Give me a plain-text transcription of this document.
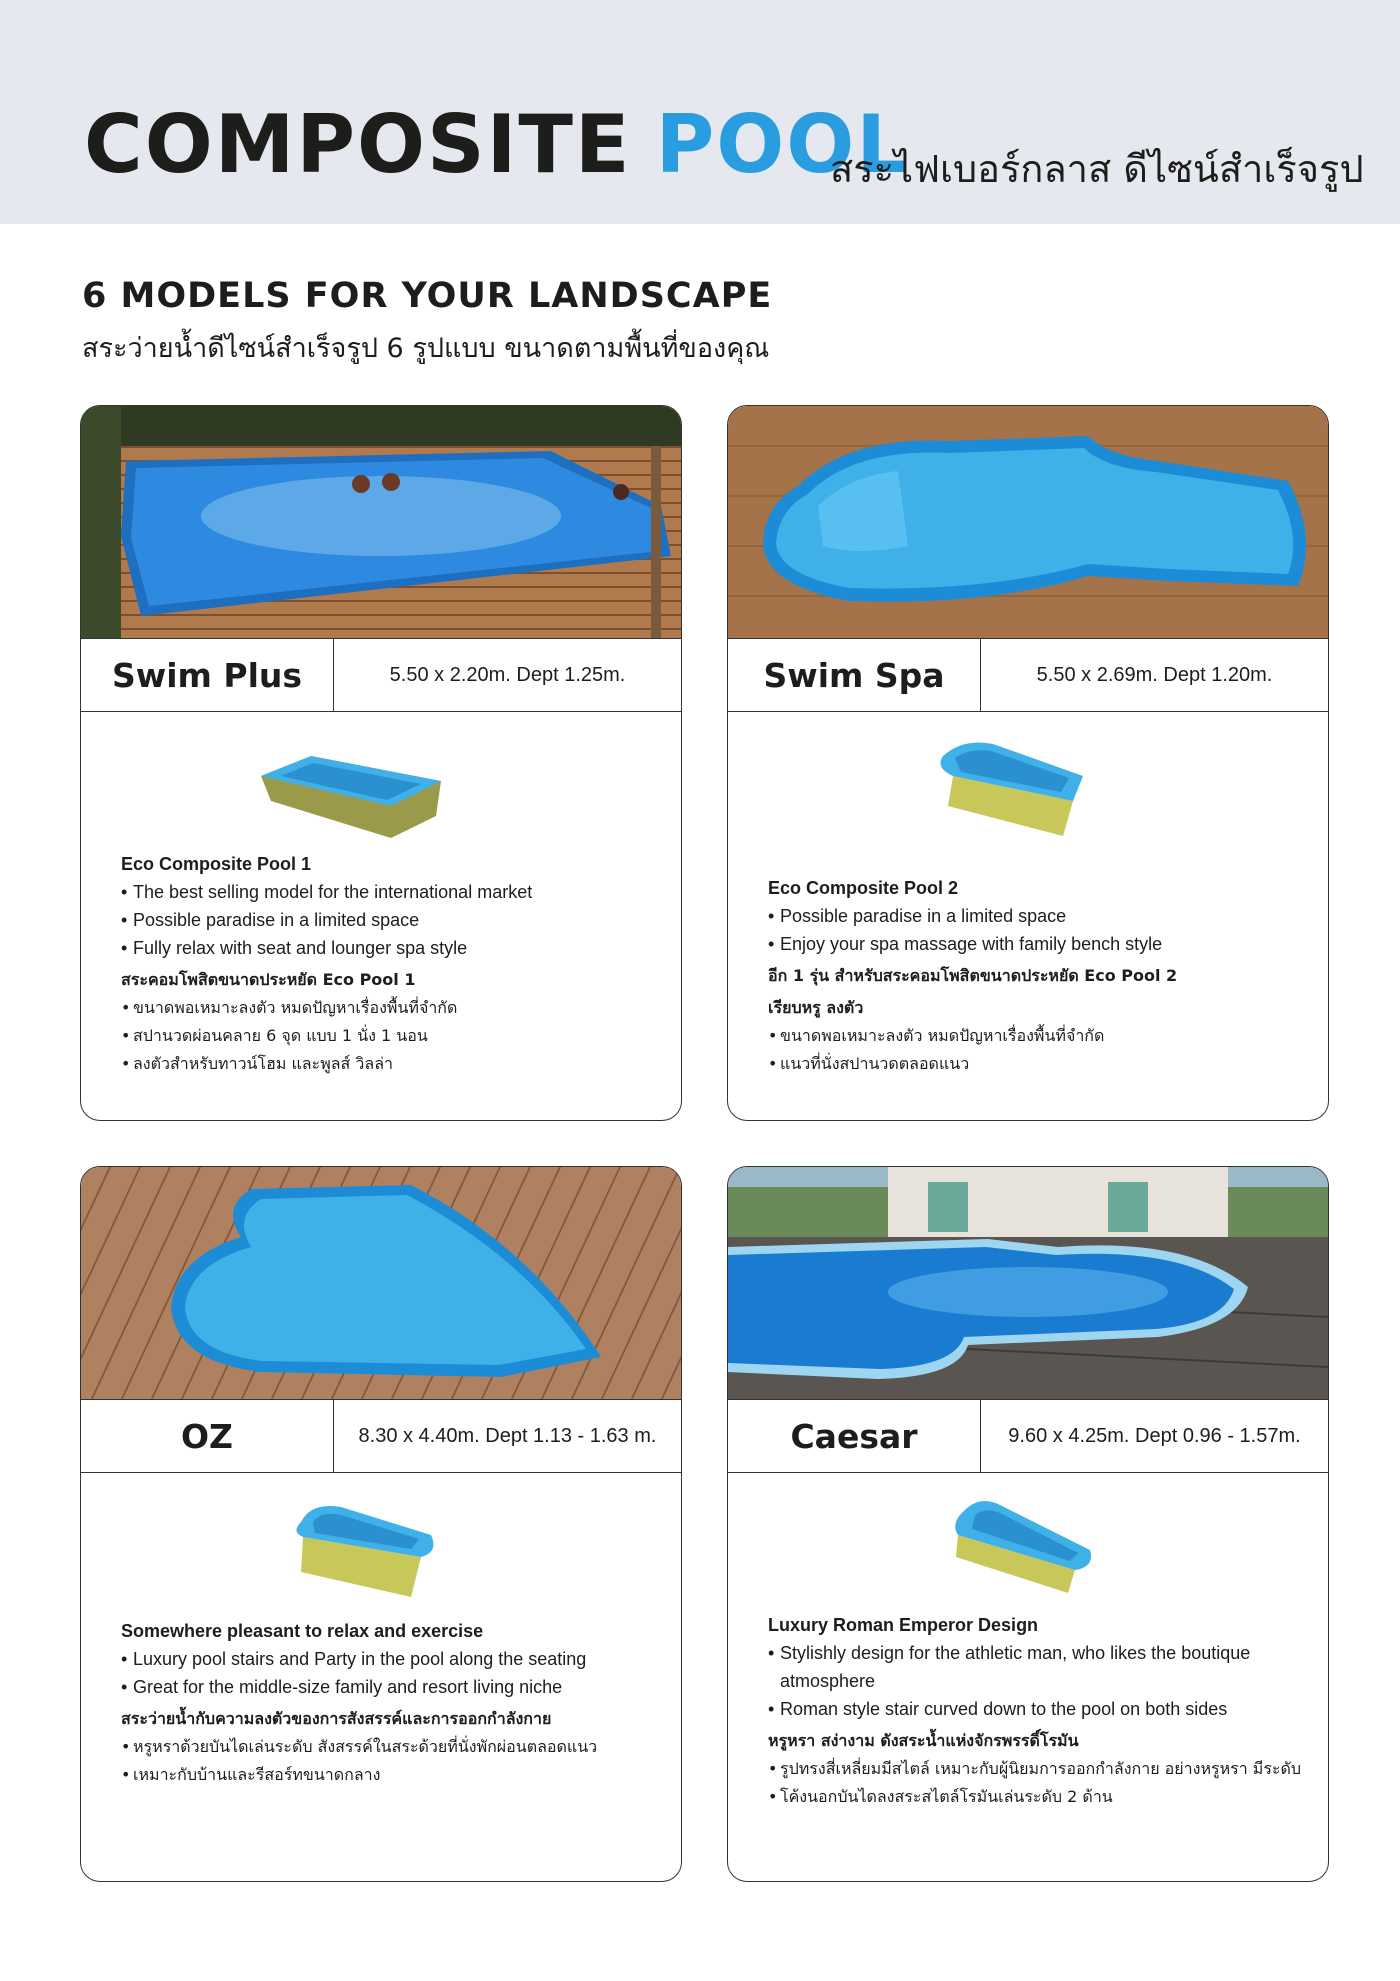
COMPOSITE POOL
สระไฟเบอร์กลาส ดีไซน์สำเร็จรูป
6 MODELS FOR YOUR LANDSCAPE
สระว่ายน้ำดีไซน์สำเร็จรูป 6 รูปแบบ ขนาดตามพื้นที่ของคุณ
Swim Plus	5.50 x 2.20m. Dept 1.25m.
Eco Composite Pool 1
• The best selling model for the international market
• Possible paradise in a limited space
• Fully relax with seat and lounger spa style
สระคอมโพสิตขนาดประหยัด Eco Pool 1
• ขนาดพอเหมาะลงตัว หมดปัญหาเรื่องพื้นที่จำกัด
• สปานวดผ่อนคลาย 6 จุด แบบ 1 นั่ง 1 นอน
• ลงตัวสำหรับทาวน์โฮม และพูลส์ วิลล่า
Swim Spa	5.50 x 2.69m. Dept 1.20m.
Eco Composite Pool 2
• Possible paradise in a limited space
• Enjoy your spa massage with family bench style
อีก 1 รุ่น สำหรับสระคอมโพสิตขนาดประหยัด Eco Pool 2
เรียบหรู ลงตัว
• ขนาดพอเหมาะลงตัว หมดปัญหาเรื่องพื้นที่จำกัด
• แนวที่นั่งสปานวดตลอดแนว
OZ	8.30 x 4.40m. Dept 1.13 - 1.63 m.
Somewhere pleasant to relax and exercise
• Luxury pool stairs and Party in the pool along the seating
• Great for the middle-size family and resort living niche
สระว่ายน้ำกับความลงตัวของการสังสรรค์และการออกกำลังกาย
• หรูหราด้วยบันไดเล่นระดับ สังสรรค์ในสระด้วยที่นั่งพักผ่อนตลอดแนว
• เหมาะกับบ้านและรีสอร์ทขนาดกลาง
Caesar	9.60 x 4.25m. Dept 0.96 - 1.57m.
Luxury Roman Emperor Design
• Stylishly design for the athletic man, who likes the boutique atmosphere
• Roman style stair curved down to the pool on both sides
หรูหรา สง่างาม ดังสระน้ำแห่งจักรพรรดิ์โรมัน
• รูปทรงสี่เหลี่ยมมีสไตล์ เหมาะกับผู้นิยมการออกกำลังกาย อย่างหรูหรา มีระดับ
• โค้งนอกบันไดลงสระสไตล์โรมันเล่นระดับ 2 ด้าน
